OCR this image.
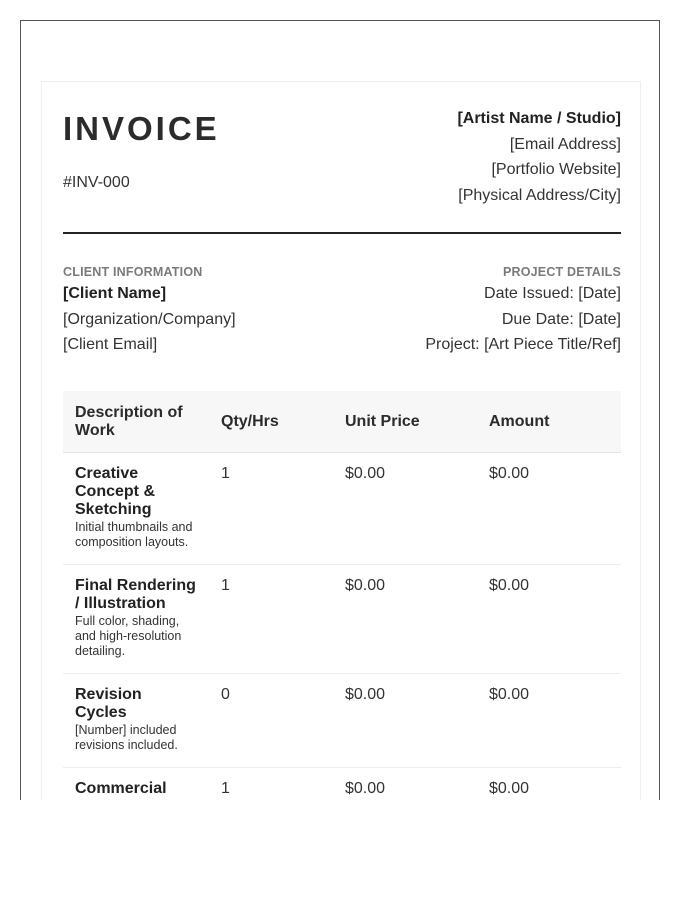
INVOICE
#INV-000
[Artist Name / Studio]
[Email Address]
[Portfolio Website]
[Physical Address/City]
CLIENT INFORMATION
[Client Name]
[Organization/Company]
[Client Email]
PROJECT DETAILS
Date Issued: [Date]
Due Date: [Date]
Project: [Art Piece Title/Ref]
Description of Work	Qty/Hrs	Unit Price	Amount

Creative Concept & Sketching
Initial thumbnails and composition layouts.	1	$0.00	$0.00

Final Rendering / Illustration
Full color, shading, and high-resolution detailing.	1	$0.00	$0.00

Revision Cycles
[Number] included revisions included.	0	$0.00	$0.00

Commercial	1	$0.00	$0.00
